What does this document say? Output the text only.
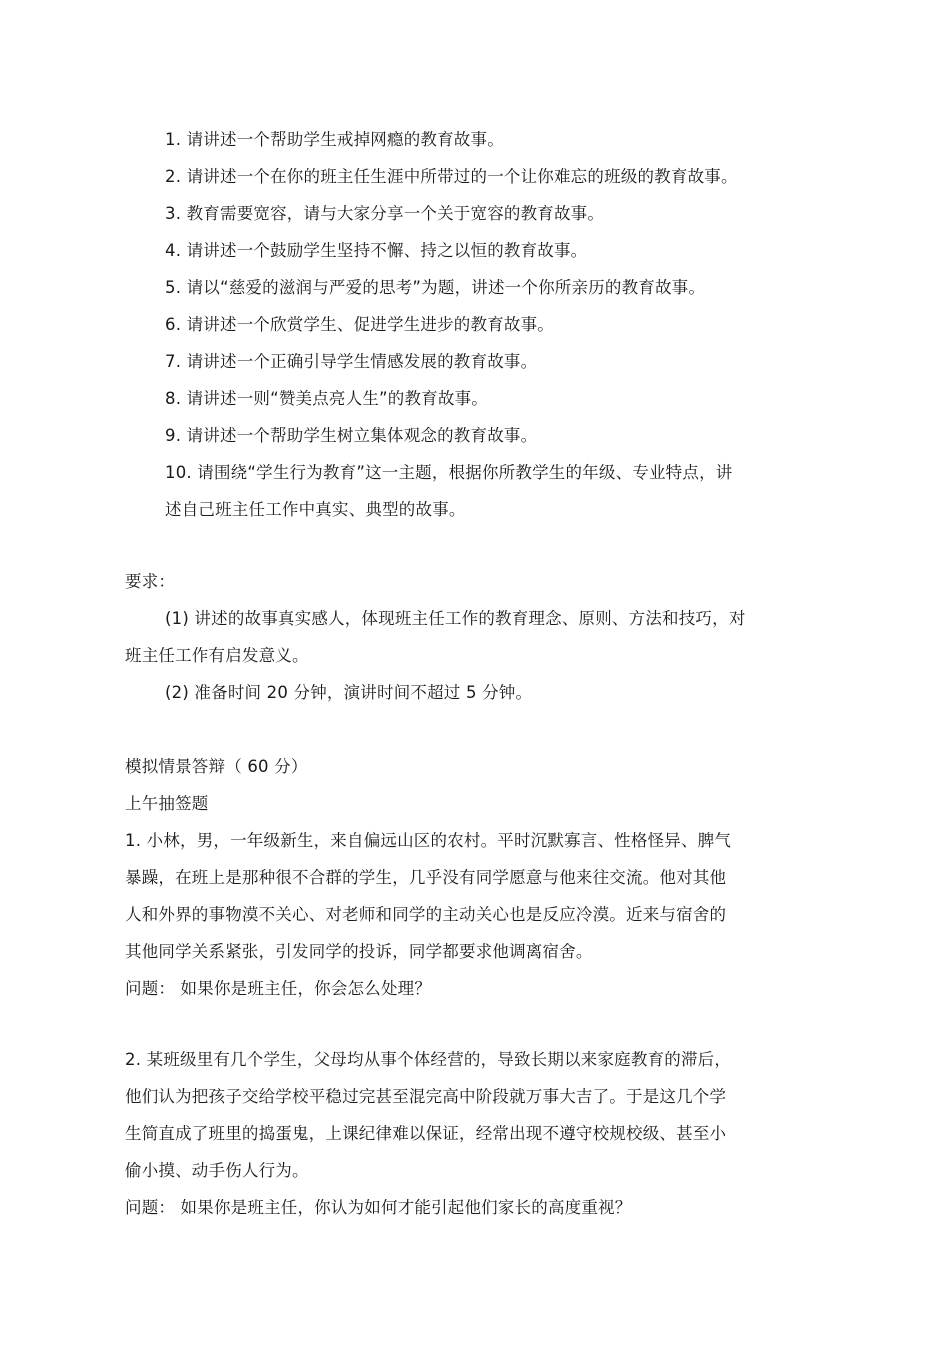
1. 请讲述一个帮助学生戒掉网瘾的教育故事。
2. 请讲述一个在你的班主任生涯中所带过的一个让你难忘的班级的教育故事。
3. 教育需要宽容，请与大家分享一个关于宽容的教育故事。
4. 请讲述一个鼓励学生坚持不懈、持之以恒的教育故事。
5. 请以“慈爱的滋润与严爱的思考”为题，讲述一个你所亲历的教育故事。
6. 请讲述一个欣赏学生、促进学生进步的教育故事。
7. 请讲述一个正确引导学生情感发展的教育故事。
8. 请讲述一则“赞美点亮人生”的教育故事。
9. 请讲述一个帮助学生树立集体观念的教育故事。
10. 请围绕“学生行为教育”这一主题，根据你所教学生的年级、专业特点，讲
述自己班主任工作中真实、典型的故事。
要求：
(1) 讲述的故事真实感人，体现班主任工作的教育理念、原则、方法和技巧，对
班主任工作有启发意义。
(2) 准备时间 20 分钟，演讲时间不超过 5 分钟。
模拟情景答辩（ 60 分）
上午抽签题
1. 小林，男，一年级新生，来自偏远山区的农村。平时沉默寡言、性格怪异、脾气
暴躁，在班上是那种很不合群的学生，几乎没有同学愿意与他来往交流。他对其他
人和外界的事物漠不关心、对老师和同学的主动关心也是反应冷漠。近来与宿舍的
其他同学关系紧张，引发同学的投诉，同学都要求他调离宿舍。
问题： 如果你是班主任，你会怎么处理？
2. 某班级里有几个学生，父母均从事个体经营的，导致长期以来家庭教育的滞后，
他们认为把孩子交给学校平稳过完甚至混完高中阶段就万事大吉了。于是这几个学
生简直成了班里的捣蛋鬼，上课纪律难以保证，经常出现不遵守校规校级、甚至小
偷小摸、动手伤人行为。
问题： 如果你是班主任，你认为如何才能引起他们家长的高度重视？
